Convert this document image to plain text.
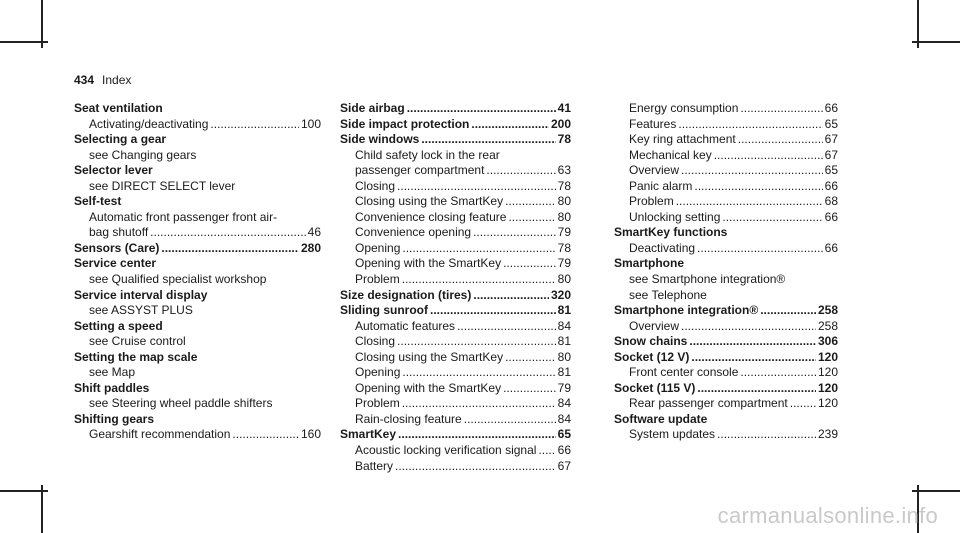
434 Index
Seat ventilation
Activating/deactivating .....	100
Selecting a gear
see Changing gears
Selector lever
see DIRECT SELECT lever
Self-test
Automatic front passenger front air-
bag shutoff .....	46
Sensors (Care) .....	280
Service center
see Qualified specialist workshop
Service interval display
see ASSYST PLUS
Setting a speed
see Cruise control
Setting the map scale
see Map
Shift paddles
see Steering wheel paddle shifters
Shifting gears
Gearshift recommendation .....	160
Side airbag .....	41
Side impact protection .....	200
Side windows .....	78
Child safety lock in the rear
passenger compartment .....	63
Closing .....	78
Closing using the SmartKey .....	80
Convenience closing feature .....	80
Convenience opening .....	79
Opening .....	78
Opening with the SmartKey .....	79
Problem .....	80
Size designation (tires) .....	320
Sliding sunroof .....	81
Automatic features .....	84
Closing .....	81
Closing using the SmartKey .....	80
Opening .....	81
Opening with the SmartKey .....	79
Problem .....	84
Rain-closing feature .....	84
SmartKey .....	65
Acoustic locking verification signal ..... 66
Battery .....	67
Energy consumption .....	66
Features .....	65
Key ring attachment .....	67
Mechanical key .....	67
Overview .....	65
Panic alarm .....	66
Problem .....	68
Unlocking setting .....	66
SmartKey functions
Deactivating .....	66
Smartphone
see Smartphone integration®
see Telephone
Smartphone integration® .....	258
Overview .....	258
Snow chains .....	306
Socket (12 V) .....	120
Front center console .....	120
Socket (115 V) .....	120
Rear passenger compartment .....	120
Software update
System updates .....	239
carmanualsonline.info
